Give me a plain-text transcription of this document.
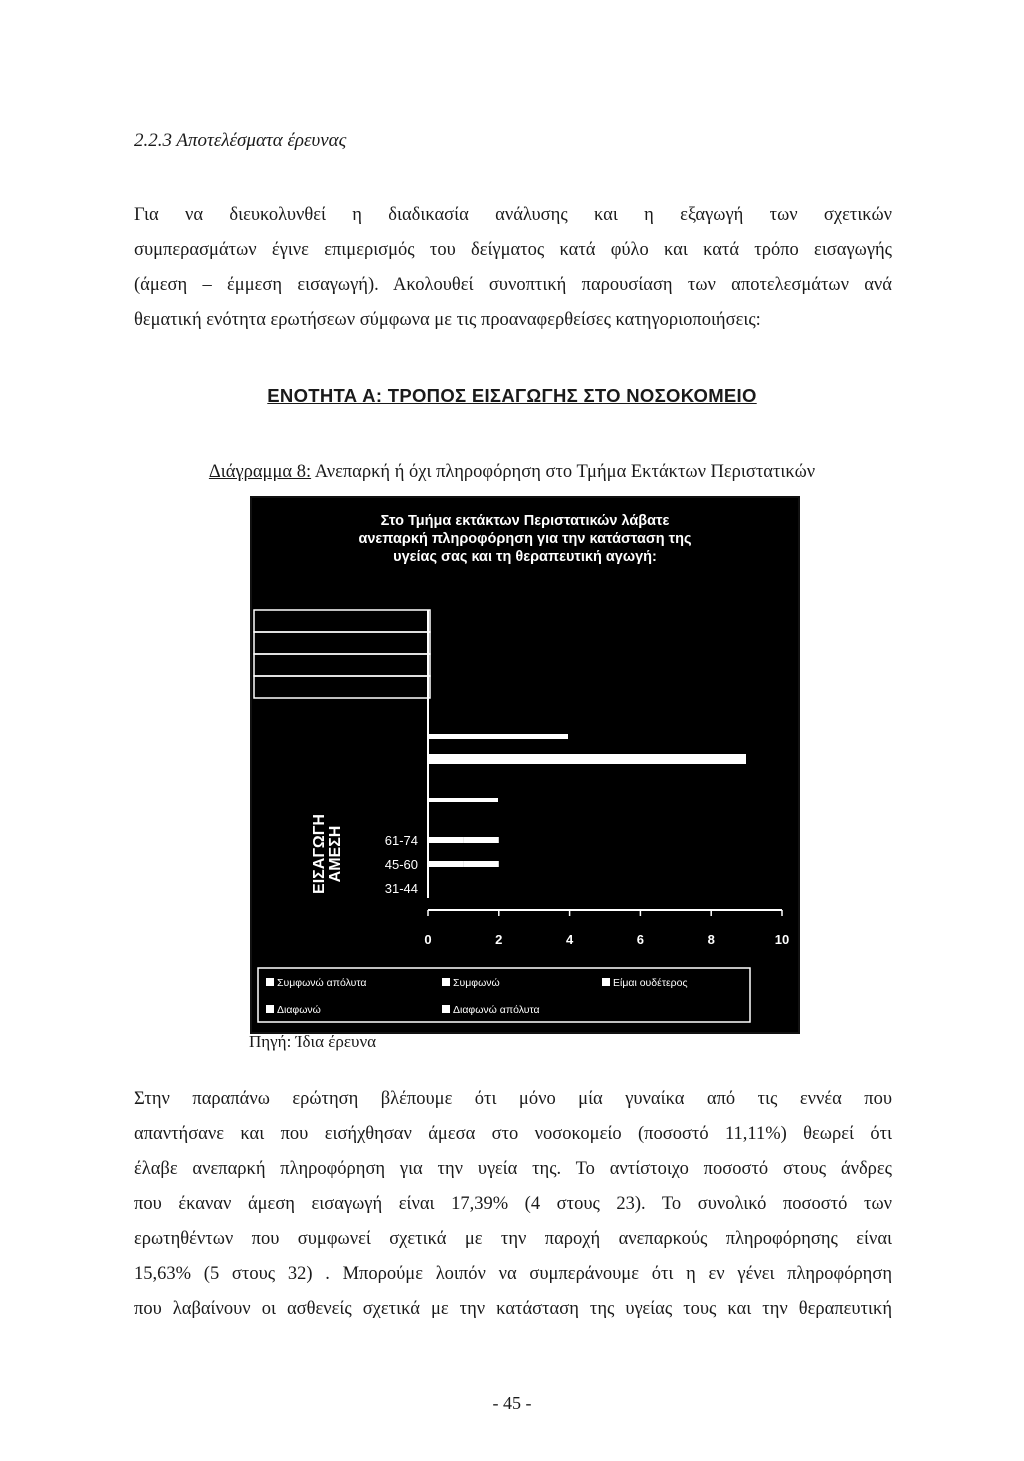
2.2.3 Αποτελέσματα έρευνας
Για να διευκολυνθεί η διαδικασία ανάλυσης και η εξαγωγή των σχετικών
συμπερασμάτων έγινε επιμερισμός του δείγματος κατά φύλο και κατά τρόπο εισαγωγής
(άμεση – έμμεση εισαγωγή). Ακολουθεί συνοπτική παρουσίαση των αποτελεσμάτων ανά
θεματική ενότητα ερωτήσεων σύμφωνα με τις προαναφερθείσες κατηγοριοποιήσεις:
ΕΝΟΤΗΤΑ Α: ΤΡΟΠΟΣ ΕΙΣΑΓΩΓΗΣ ΣΤΟ ΝΟΣΟΚΟΜΕΙΟ
Διάγραμμα 8: Ανεπαρκή ή όχι πληροφόρηση στο Τμήμα Εκτάκτων Περιστατικών
Στο Τμήμα εκτάκτων Περιστατικών λάβατε
ανεπαρκή πληροφόρηση για την κατάσταση της
υγείας σας και τη θεραπευτική αγωγή:
ΑΜΕΣΗ
ΕΙΣΑΓΩΓΗ	31-44
45-60
61-74
0	2	4	6	8	10
Συμφωνώ απόλυτα	Συμφωνώ	Είμαι ουδέτερος
Διαφωνώ	Διαφωνώ απόλυτα
Πηγή: Ίδια έρευνα
Στην παραπάνω ερώτηση βλέπουμε ότι μόνο μία γυναίκα από τις εννέα που
απαντήσανε και που εισήχθησαν άμεσα στο νοσοκομείο (ποσοστό 11,11%) θεωρεί ότι
έλαβε ανεπαρκή πληροφόρηση για την υγεία της. Το αντίστοιχο ποσοστό στους άνδρες
που έκαναν άμεση εισαγωγή είναι 17,39% (4 στους 23). Το συνολικό ποσοστό των
ερωτηθέντων που συμφωνεί σχετικά με την παροχή ανεπαρκούς πληροφόρησης είναι
15,63% (5 στους 32) . Μπορούμε λοιπόν να συμπεράνουμε ότι η εν γένει πληροφόρηση
που λαβαίνουν οι ασθενείς σχετικά με την κατάσταση της υγείας τους και την θεραπευτική
- 45 -
